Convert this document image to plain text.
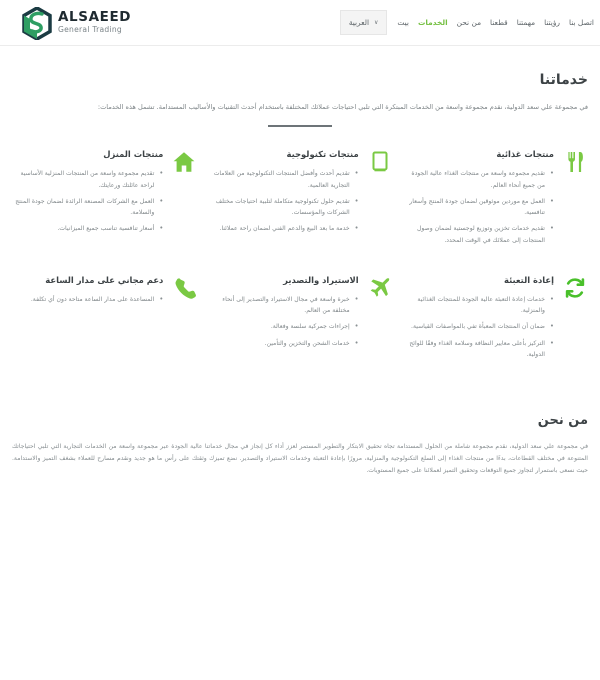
ALSAEED
General Trading
بيت الخدمات من نحن قطعنا مهمتنا رؤيتنا اتصل بنا
∨
العربية
خدماتنا

في مجموعة علي سعد الدولية، نقدم مجموعة واسعة من الخدمات المبتكرة التي تلبي احتياجات عملائك المختلفة باستخدام أحدث التقنيات والأساليب المستدامة. تشمل هذه الخدمات:

منتجات غذائية
• تقديم مجموعة واسعة من منتجات الغذاء عالية الجودة من جميع أنحاء العالم.
• العمل مع موردين موثوقين لضمان جودة المنتج وأسعار تنافسية.
• تقديم خدمات تخزين وتوزيع لوجستية لضمان وصول المنتجات إلى عملائك في الوقت المحدد.
منتجات تكنولوجية
• تقديم أحدث وأفضل المنتجات التكنولوجية من العلامات التجارية العالمية.
• تقديم حلول تكنولوجية متكاملة لتلبية احتياجات مختلف الشركات والمؤسسات.
• خدمة ما بعد البيع والدعم الفني لضمان راحة عملائنا.
منتجات المنزل
• تقديم مجموعة واسعة من المنتجات المنزلية الأساسية لراحة عائلتك ورعايتك.
• العمل مع الشركات المصنعة الرائدة لضمان جودة المنتج والسلامة.
• أسعار تنافسية تناسب جميع الميزانيات.
إعادة التعبئة
• خدمات إعادة التعبئة عالية الجودة للمنتجات الغذائية والمنزلية.
• ضمان أن المنتجات المعبأة تفي بالمواصفات القياسية.
• التركيز بأعلى معايير النظافة وسلامة الغذاء وفقًا للوائح الدولية.
الاستيراد والتصدير
• خبرة واسعة في مجال الاستيراد والتصدير إلى أنحاء مختلفة من العالم.
• إجراءات جمركية سلسة وفعالة.
• خدمات الشحن والتخزين والتأمين.
دعم مجاني على مدار الساعة
• المساعدة على مدار الساعة متاحة دون أي تكلفة.
من نحن

في مجموعة علي سعد الدولية، نقدم مجموعة شاملة من الحلول المستدامة تجاه تحقيق الابتكار والتطوير المستمر لعزز أداء كل إنجاز في مجال خدماتنا عالية الجودة عبر مجموعة واسعة من الخدمات التجارية التي تلبي احتياجاتك المتنوعة في مختلف القطاعات، بدءًا من منتجات الغذاء إلى السلع التكنولوجية والمنزلية، مرورًا بإعادة التعبئة وخدمات الاستيراد والتصدير. نضع تميزك وثقتك على رأس ما هو جديد ونقدم مسارح للعملاء بشغف التميز والاستدامة. حيث نسعى باستمرار لتجاوز جميع التوقعات وتحقيق التميز لعملائنا على جميع المستويات.
